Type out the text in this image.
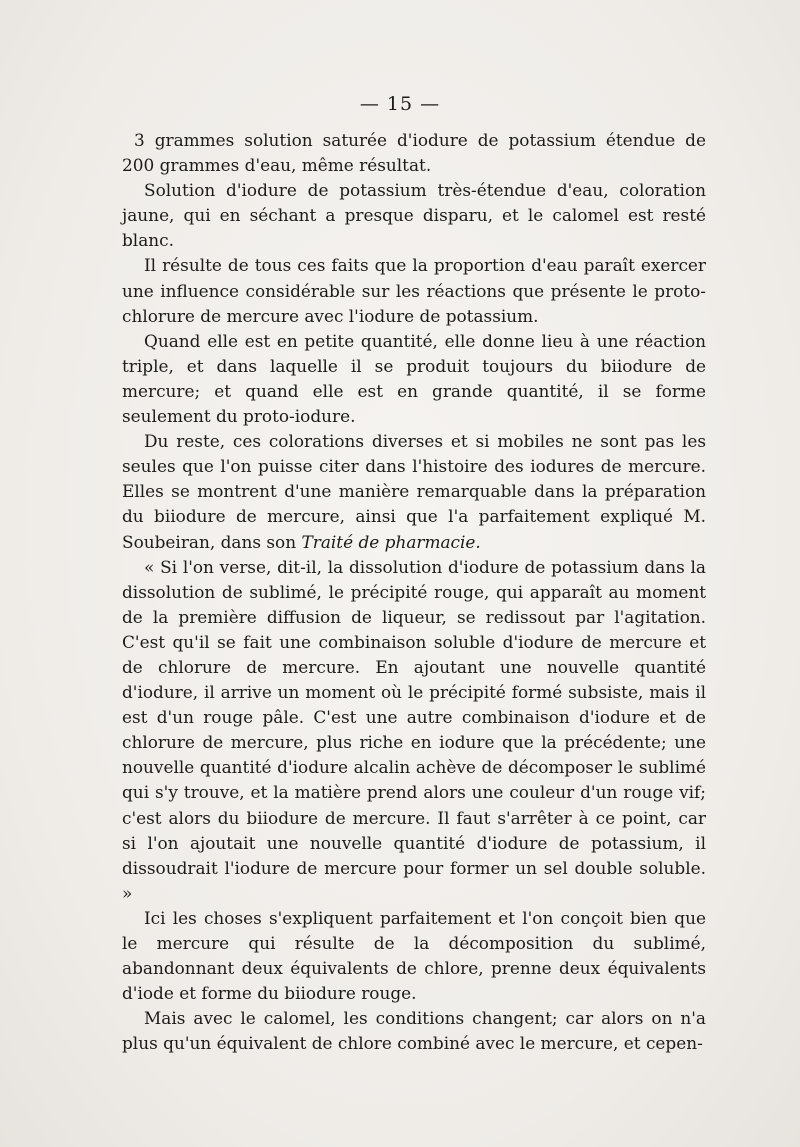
— 15 —

3 grammes solution saturée d'iodure de potassium étendue de 200 grammes d'eau, même résultat.

Solution d'iodure de potassium très-étendue d'eau, coloration jaune, qui en séchant a presque disparu, et le calomel est resté blanc.

Il résulte de tous ces faits que la proportion d'eau paraît exercer une influence considérable sur les réactions que présente le proto-chlorure de mercure avec l'iodure de potassium.

Quand elle est en petite quantité, elle donne lieu à une réaction triple, et dans laquelle il se produit toujours du biiodure de mercure; et quand elle est en grande quantité, il se forme seulement du proto-iodure.

Du reste, ces colorations diverses et si mobiles ne sont pas les seules que l'on puisse citer dans l'histoire des iodures de mercure. Elles se montrent d'une manière remarquable dans la préparation du biiodure de mercure, ainsi que l'a parfaitement expliqué M. Soubeiran, dans son Traité de pharmacie.

« Si l'on verse, dit-il, la dissolution d'iodure de potassium dans la dissolution de sublimé, le précipité rouge, qui apparaît au moment de la première diffusion de liqueur, se redissout par l'agitation. C'est qu'il se fait une combinaison soluble d'iodure de mercure et de chlorure de mercure. En ajoutant une nouvelle quantité d'iodure, il arrive un moment où le précipité formé subsiste, mais il est d'un rouge pâle. C'est une autre combinaison d'iodure et de chlorure de mercure, plus riche en iodure que la précédente; une nouvelle quantité d'iodure alcalin achève de décomposer le sublimé qui s'y trouve, et la matière prend alors une couleur d'un rouge vif; c'est alors du biiodure de mercure. Il faut s'arrêter à ce point, car si l'on ajoutait une nouvelle quantité d'iodure de potassium, il dissoudrait l'iodure de mercure pour former un sel double soluble. »

Ici les choses s'expliquent parfaitement et l'on conçoit bien que le mercure qui résulte de la décomposition du sublimé, abandonnant deux équivalents de chlore, prenne deux équivalents d'iode et forme du biiodure rouge.

Mais avec le calomel, les conditions changent; car alors on n'a plus qu'un équivalent de chlore combiné avec le mercure, et cepen-
